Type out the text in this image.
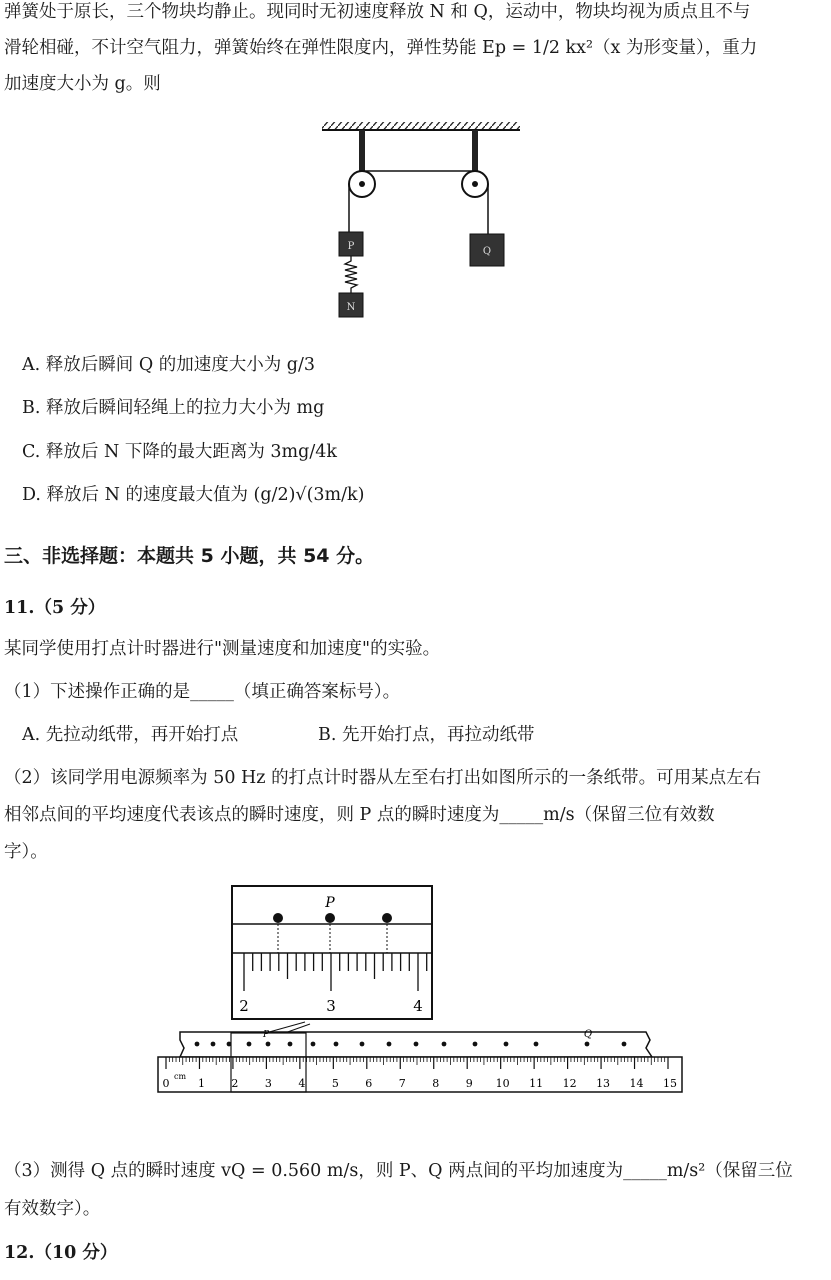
弹簧处于原长，三个物块均静止。现同时无初速度释放 N 和 Q，运动中，物块均视为质点且不与
滑轮相碰，不计空气阻力，弹簧始终在弹性限度内，弹性势能 Ep = 1/2 kx²（x 为形变量），重力
加速度大小为 g。则
P
N
Q
A. 释放后瞬间 Q 的加速度大小为 g/3
B. 释放后瞬间轻绳上的拉力大小为 mg
C. 释放后 N 下降的最大距离为 3mg/4k
D. 释放后 N 的速度最大值为 (g/2)√(3m/k)
三、非选择题：本题共 5 小题，共 54 分。
11.（5 分）
某同学使用打点计时器进行"测量速度和加速度"的实验。
（1）下述操作正确的是_____（填正确答案标号）。
A. 先拉动纸带，再开始打点	B. 先开始打点，再拉动纸带
（2）该同学用电源频率为 50 Hz 的打点计时器从左至右打出如图所示的一条纸带。可用某点左右
相邻点间的平均速度代表该点的瞬时速度，则 P 点的瞬时速度为_____m/s（保留三位有效数
字）。
P
2	3	4
P	Q
0	1 2 3 4 5 6 7 8 9 10 11 12 13 14 15
cm
（3）测得 Q 点的瞬时速度 vQ = 0.560 m/s，则 P、Q 两点间的平均加速度为_____m/s²（保留三位
有效数字）。
12.（10 分）
